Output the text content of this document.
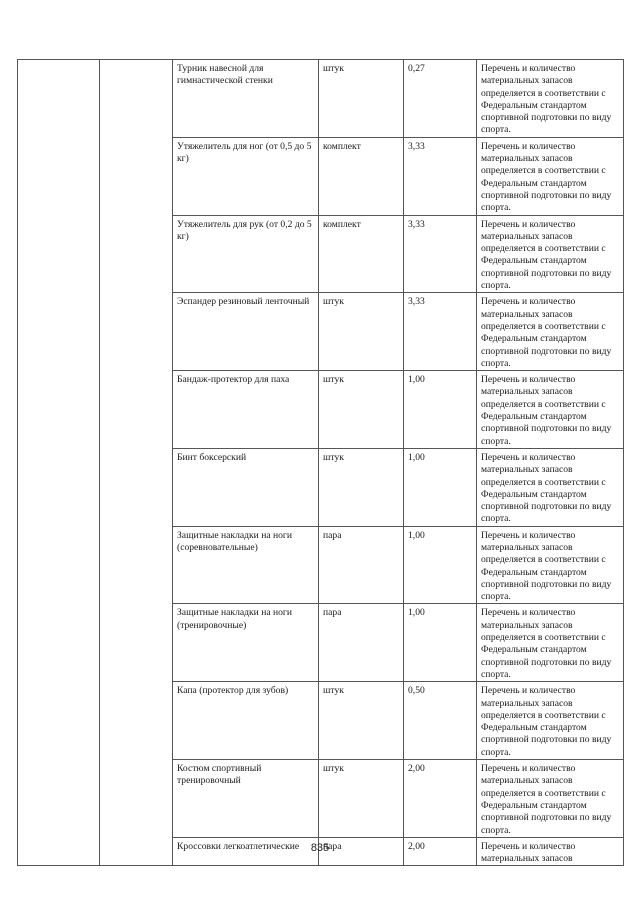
		Турник навесной для гимнастической стенки	штук	0,27	Перечень и количество материальных запасов определяется в соответствии с Федеральным стандартом спортивной подготовки по виду спорта.
		Утяжелитель для ног (от 0,5 до 5 кг)	комплект	3,33	Перечень и количество материальных запасов определяется в соответствии с Федеральным стандартом спортивной подготовки по виду спорта.
		Утяжелитель для рук (от 0,2 до 5 кг)	комплект	3,33	Перечень и количество материальных запасов определяется в соответствии с Федеральным стандартом спортивной подготовки по виду спорта.
		Эспандер резиновый ленточный	штук	3,33	Перечень и количество материальных запасов определяется в соответствии с Федеральным стандартом спортивной подготовки по виду спорта.
		Бандаж-протектор для паха	штук	1,00	Перечень и количество материальных запасов определяется в соответствии с Федеральным стандартом спортивной подготовки по виду спорта.
		Бинт боксерский	штук	1,00	Перечень и количество материальных запасов определяется в соответствии с Федеральным стандартом спортивной подготовки по виду спорта.
		Защитные накладки на ноги (соревновательные)	пара	1,00	Перечень и количество материальных запасов определяется в соответствии с Федеральным стандартом спортивной подготовки по виду спорта.
		Защитные накладки на ноги (тренировочные)	пара	1,00	Перечень и количество материальных запасов определяется в соответствии с Федеральным стандартом спортивной подготовки по виду спорта.
		Капа (протектор для зубов)	штук	0,50	Перечень и количество материальных запасов определяется в соответствии с Федеральным стандартом спортивной подготовки по виду спорта.
		Костюм спортивный тренировочный	штук	2,00	Перечень и количество материальных запасов определяется в соответствии с Федеральным стандартом спортивной подготовки по виду спорта.
		Кроссовки легкоатлетические	пара	2,00	Перечень и количество материальных запасов
835
